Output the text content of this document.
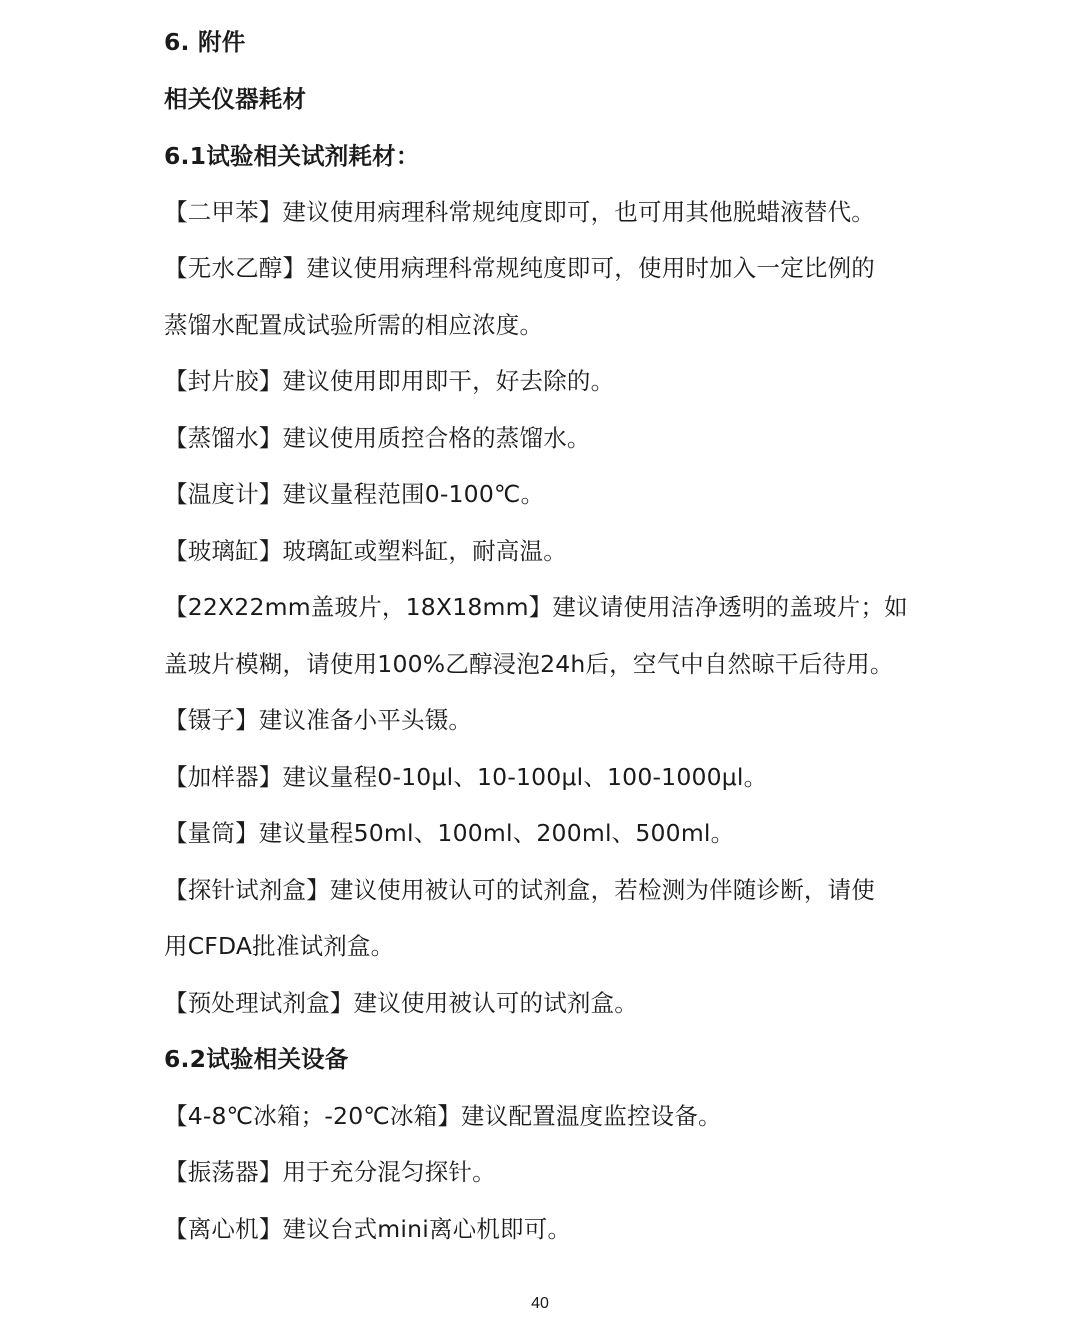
6. 附件
相关仪器耗材
6.1试验相关试剂耗材：
【二甲苯】建议使用病理科常规纯度即可，也可用其他脱蜡液替代。
【无水乙醇】建议使用病理科常规纯度即可，使用时加入一定比例的
蒸馏水配置成试验所需的相应浓度。
【封片胶】建议使用即用即干，好去除的。
【蒸馏水】建议使用质控合格的蒸馏水。
【温度计】建议量程范围0-100℃。
【玻璃缸】玻璃缸或塑料缸，耐高温。
【22X22mm盖玻片，18X18mm】建议请使用洁净透明的盖玻片；如
盖玻片模糊，请使用100%乙醇浸泡24h后，空气中自然晾干后待用。
【镊子】建议准备小平头镊。
【加样器】建议量程0-10μl、10-100μl、100-1000μl。
【量筒】建议量程50ml、100ml、200ml、500ml。
【探针试剂盒】建议使用被认可的试剂盒，若检测为伴随诊断，请使
用CFDA批准试剂盒。
【预处理试剂盒】建议使用被认可的试剂盒。
6.2试验相关设备
【4-8℃冰箱；-20℃冰箱】建议配置温度监控设备。
【振荡器】用于充分混匀探针。
【离心机】建议台式mini离心机即可。
40
